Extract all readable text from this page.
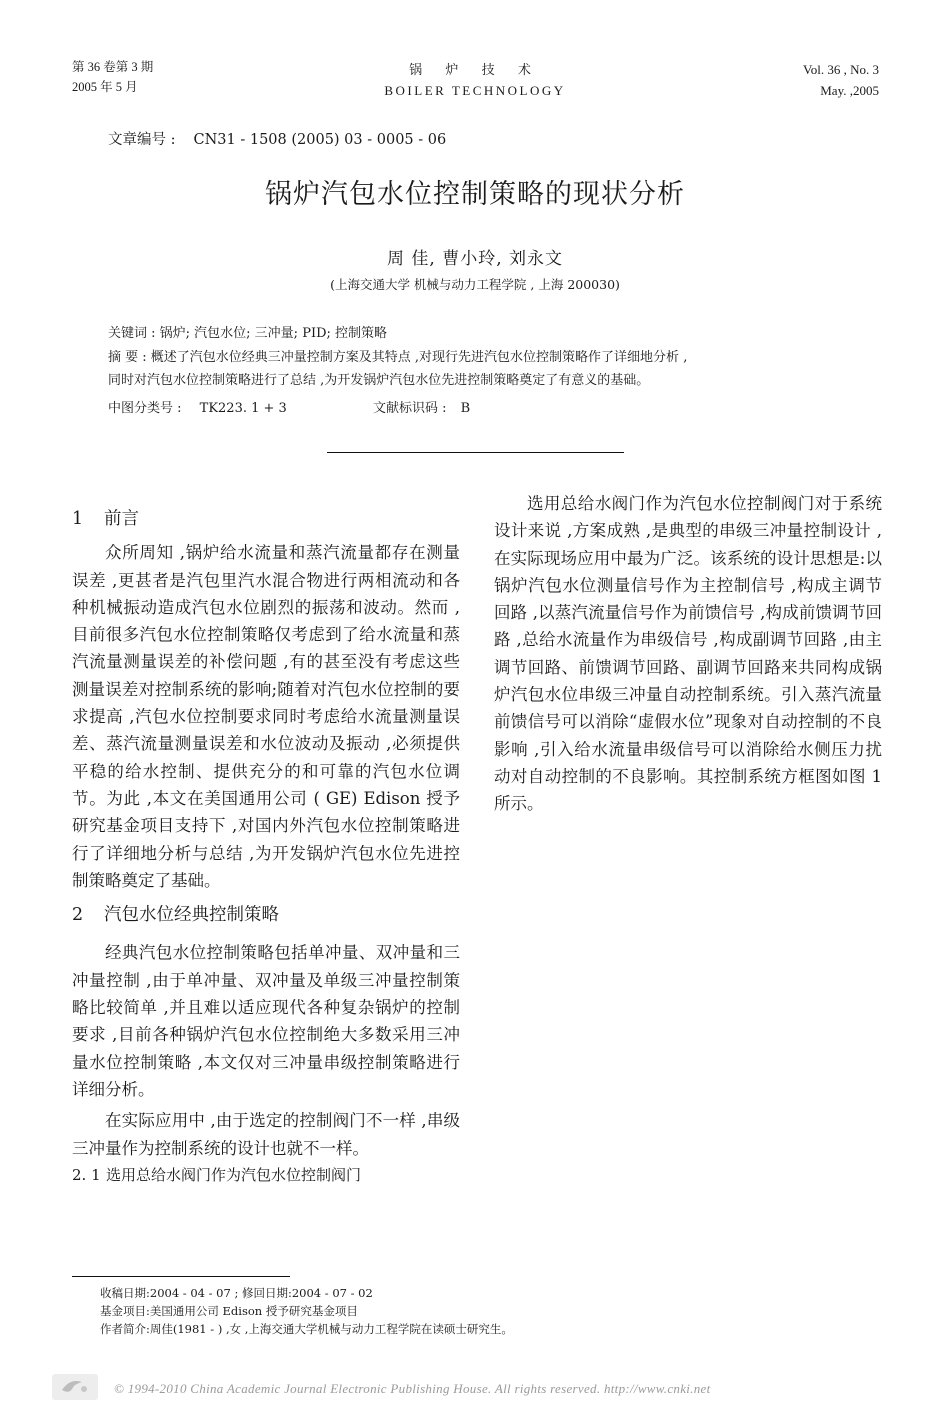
第 36 卷第 3 期
2005 年 5 月
锅 炉 技 术
BOILER TECHNOLOGY
Vol. 36 , No. 3
May. ,2005
文章编号 : CN31 - 1508 (2005) 03 - 0005 - 06
锅炉汽包水位控制策略的现状分析
周 佳, 曹小玲, 刘永文
(上海交通大学 机械与动力工程学院 , 上海 200030)
关键词 : 锅炉; 汽包水位; 三冲量; PID; 控制策略

摘 要 : 概述了汽包水位经典三冲量控制方案及其特点 ,对现行先进汽包水位控制策略作了详细地分析 ,

同时对汽包水位控制策略进行了总结 ,为开发锅炉汽包水位先进控制策略奠定了有意义的基础。

中图分类号 : TK223. 1 + 3	文献标识码 : B
1 前言

众所周知 ,锅炉给水流量和蒸汽流量都存在测量误差 ,更甚者是汽包里汽水混合物进行两相流动和各种机械振动造成汽包水位剧烈的振荡和波动。然而 ,目前很多汽包水位控制策略仅考虑到了给水流量和蒸汽流量测量误差的补偿问题 ,有的甚至没有考虑这些测量误差对控制系统的影响;随着对汽包水位控制的要求提高 ,汽包水位控制要求同时考虑给水流量测量误差、蒸汽流量测量误差和水位波动及振动 ,必须提供平稳的给水控制、提供充分的和可靠的汽包水位调节。为此 ,本文在美国通用公司 ( GE) Edison 授予研究基金项目支持下 ,对国内外汽包水位控制策略进行了详细地分析与总结 ,为开发锅炉汽包水位先进控制策略奠定了基础。

2 汽包水位经典控制策略

经典汽包水位控制策略包括单冲量、双冲量和三冲量控制 ,由于单冲量、双冲量及单级三冲量控制策略比较简单 ,并且难以适应现代各种复杂锅炉的控制要求 ,目前各种锅炉汽包水位控制绝大多数采用三冲量水位控制策略 ,本文仅对三冲量串级控制策略进行详细分析。

在实际应用中 ,由于选定的控制阀门不一样 ,串级三冲量作为控制系统的设计也就不一样。

2. 1 选用总给水阀门作为汽包水位控制阀门

选用总给水阀门作为汽包水位控制阀门对于系统设计来说 ,方案成熟 ,是典型的串级三冲量控制设计 ,在实际现场应用中最为广泛。该系统的设计思想是:以锅炉汽包水位测量信号作为主控制信号 ,构成主调节回路 ,以蒸汽流量信号作为前馈信号 ,构成前馈调节回路 ,总给水流量作为串级信号 ,构成副调节回路 ,由主调节回路、前馈调节回路、副调节回路来共同构成锅炉汽包水位串级三冲量自动控制系统。引入蒸汽流量前馈信号可以消除“虚假水位”现象对自动控制的不良影响 ,引入给水流量串级信号可以消除给水侧压力扰动对自动控制的不良影响。其控制系统方框图如图 1 所示。

收稿日期:2004 - 04 - 07 ; 修回日期:2004 - 07 - 02
基金项目:美国通用公司 Edison 授予研究基金项目
作者简介:周佳(1981 - ) ,女 ,上海交通大学机械与动力工程学院在读硕士研究生。
© 1994-2010 China Academic Journal Electronic Publishing House. All rights reserved. http://www.cnki.net
